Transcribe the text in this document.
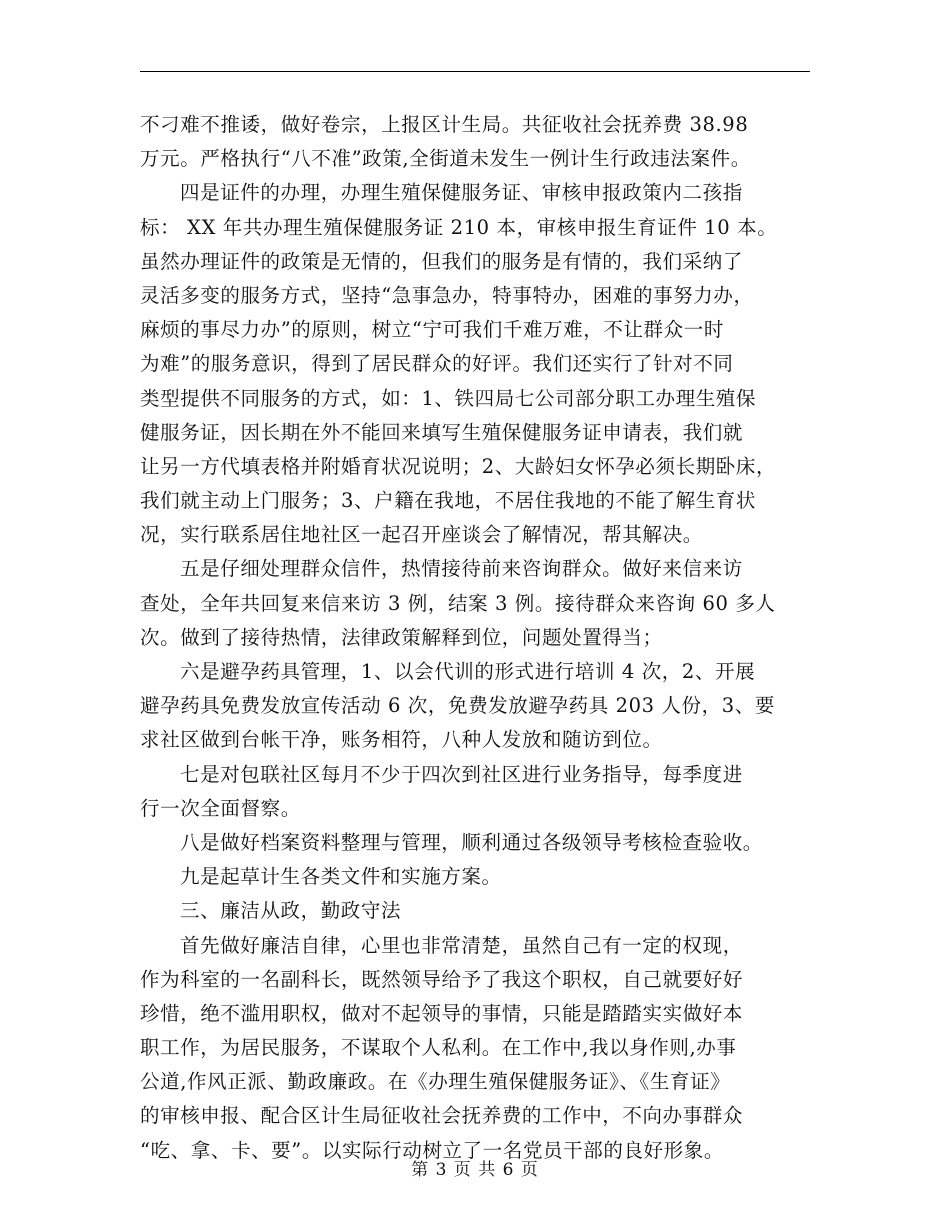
不刁难不推诿，做好卷宗，上报区计生局。共征收社会抚养费 38.98
万元。严格执行“八不准”政策,全街道未发生一例计生行政违法案件。
四是证件的办理，办理生殖保健服务证、审核申报政策内二孩指
标： XX 年共办理生殖保健服务证 210 本，审核申报生育证件 10 本。
虽然办理证件的政策是无情的，但我们的服务是有情的，我们采纳了
灵活多变的服务方式，坚持“急事急办，特事特办，困难的事努力办，
麻烦的事尽力办”的原则，树立“宁可我们千难万难，不让群众一时
为难”的服务意识，得到了居民群众的好评。我们还实行了针对不同
类型提供不同服务的方式，如：1、铁四局七公司部分职工办理生殖保
健服务证，因长期在外不能回来填写生殖保健服务证申请表，我们就
让另一方代填表格并附婚育状况说明；2、大龄妇女怀孕必须长期卧床，
我们就主动上门服务；3、户籍在我地，不居住我地的不能了解生育状
况，实行联系居住地社区一起召开座谈会了解情况，帮其解决。
五是仔细处理群众信件，热情接待前来咨询群众。做好来信来访
查处，全年共回复来信来访 3 例，结案 3 例。接待群众来咨询 60 多人
次。做到了接待热情，法律政策解释到位，问题处置得当；
六是避孕药具管理，1、以会代训的形式进行培训 4 次，2、开展
避孕药具免费发放宣传活动 6 次，免费发放避孕药具 203 人份，3、要
求社区做到台帐干净，账务相符，八种人发放和随访到位。
七是对包联社区每月不少于四次到社区进行业务指导，每季度进
行一次全面督察。
八是做好档案资料整理与管理，顺利通过各级领导考核检查验收。
九是起草计生各类文件和实施方案。
三、廉洁从政，勤政守法
首先做好廉洁自律，心里也非常清楚，虽然自己有一定的权现，
作为科室的一名副科长，既然领导给予了我这个职权，自己就要好好
珍惜，绝不滥用职权，做对不起领导的事情，只能是踏踏实实做好本
职工作，为居民服务，不谋取个人私利。在工作中,我以身作则,办事
公道,作风正派、勤政廉政。在《办理生殖保健服务证》、《生育证》
的审核申报、配合区计生局征收社会抚养费的工作中，不向办事群众
“吃、拿、卡、要”。以实际行动树立了一名党员干部的良好形象。
第 3 页 共 6 页
